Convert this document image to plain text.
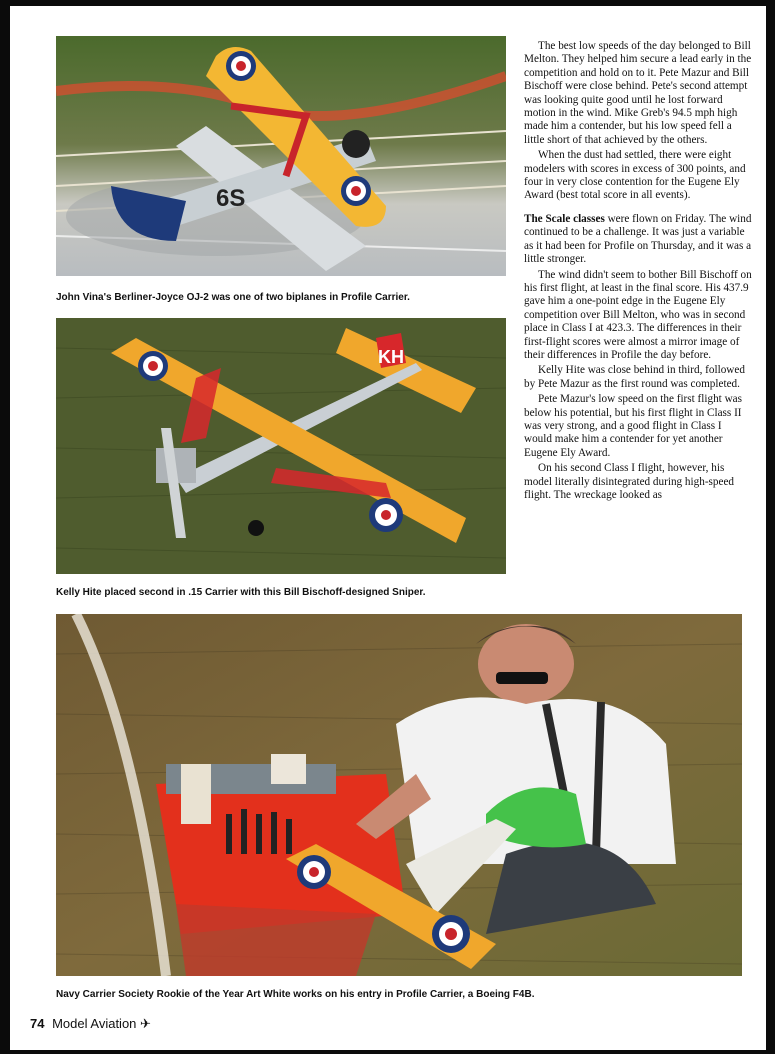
6S

John Vina's Berliner-Joyce OJ-2 was one of two biplanes in Profile Carrier.

KH

Kelly Hite placed second in .15 Carrier with this Bill Bischoff-designed Sniper.

Navy Carrier Society Rookie of the Year Art White works on his entry in Profile Carrier, a Boeing F4B.

The best low speeds of the day belonged to Bill Melton. They helped him secure a lead early in the competition and hold on to it. Pete Mazur and Bill Bischoff were close behind. Pete's second attempt was looking quite good until he lost forward motion in the wind. Mike Greb's 94.5 mph high made him a contender, but his low speed fell a little short of that achieved by the others.

When the dust had settled, there were eight modelers with scores in excess of 300 points, and four in very close contention for the Eugene Ely Award (best total score in all events).

The Scale classes were flown on Friday. The wind continued to be a challenge. It was just a variable as it had been for Profile on Thursday, and it was a little stronger.

The wind didn't seem to bother Bill Bischoff on his first flight, at least in the final score. His 437.9 gave him a one-point edge in the Eugene Ely competition over Bill Melton, who was in second place in Class I at 423.3. The differences in their first-flight scores were almost a mirror image of their differences in Profile the day before.

Kelly Hite was close behind in third, followed by Pete Mazur as the first round was completed.

Pete Mazur's low speed on the first flight was below his potential, but his first flight in Class II was very strong, and a good flight in Class I would make him a contender for yet another Eugene Ely Award.

On his second Class I flight, however, his model literally disintegrated during high-speed flight. The wreckage looked as

74 Model Aviation ✈
